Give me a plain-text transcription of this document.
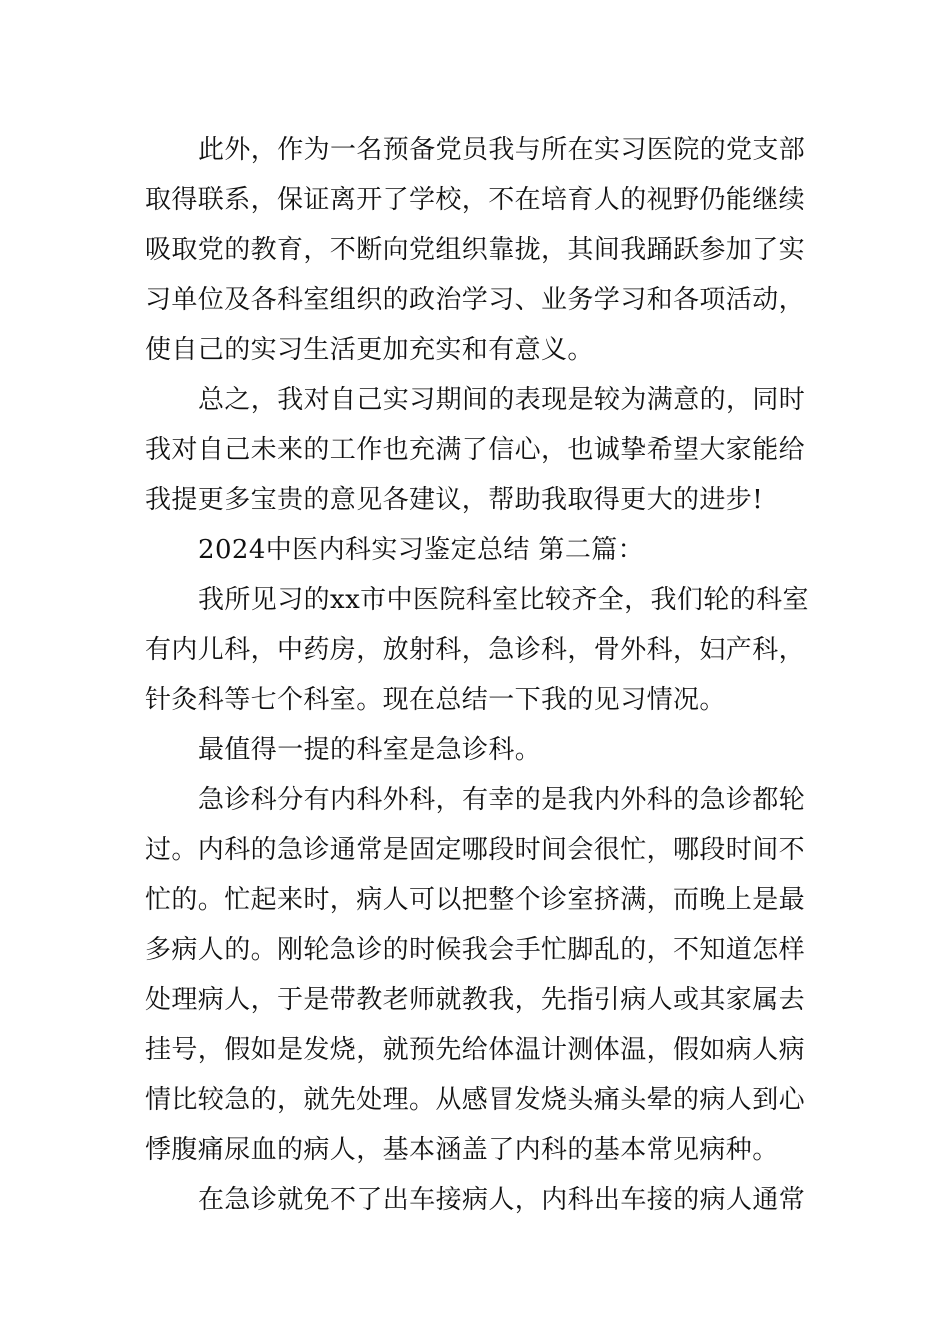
此外，作为一名预备党员我与所在实习医院的党支部
取得联系，保证离开了学校，不在培育人的视野仍能继续
吸取党的教育，不断向党组织靠拢，其间我踊跃参加了实
习单位及各科室组织的政治学习、业务学习和各项活动，
使自己的实习生活更加充实和有意义。
总之，我对自己实习期间的表现是较为满意的，同时
我对自己未来的工作也充满了信心，也诚挚希望大家能给
我提更多宝贵的意见各建议，帮助我取得更大的进步!
2024中医内科实习鉴定总结 第二篇：
我所见习的xx市中医院科室比较齐全，我们轮的科室
有内儿科，中药房，放射科，急诊科，骨外科，妇产科，
针灸科等七个科室。现在总结一下我的见习情况。
最值得一提的科室是急诊科。
急诊科分有内科外科，有幸的是我内外科的急诊都轮
过。内科的急诊通常是固定哪段时间会很忙，哪段时间不
忙的。忙起来时，病人可以把整个诊室挤满，而晚上是最
多病人的。刚轮急诊的时候我会手忙脚乱的，不知道怎样
处理病人，于是带教老师就教我，先指引病人或其家属去
挂号，假如是发烧，就预先给体温计测体温，假如病人病
情比较急的，就先处理。从感冒发烧头痛头晕的病人到心
悸腹痛尿血的病人，基本涵盖了内科的基本常见病种。
在急诊就免不了出车接病人，内科出车接的病人通常
